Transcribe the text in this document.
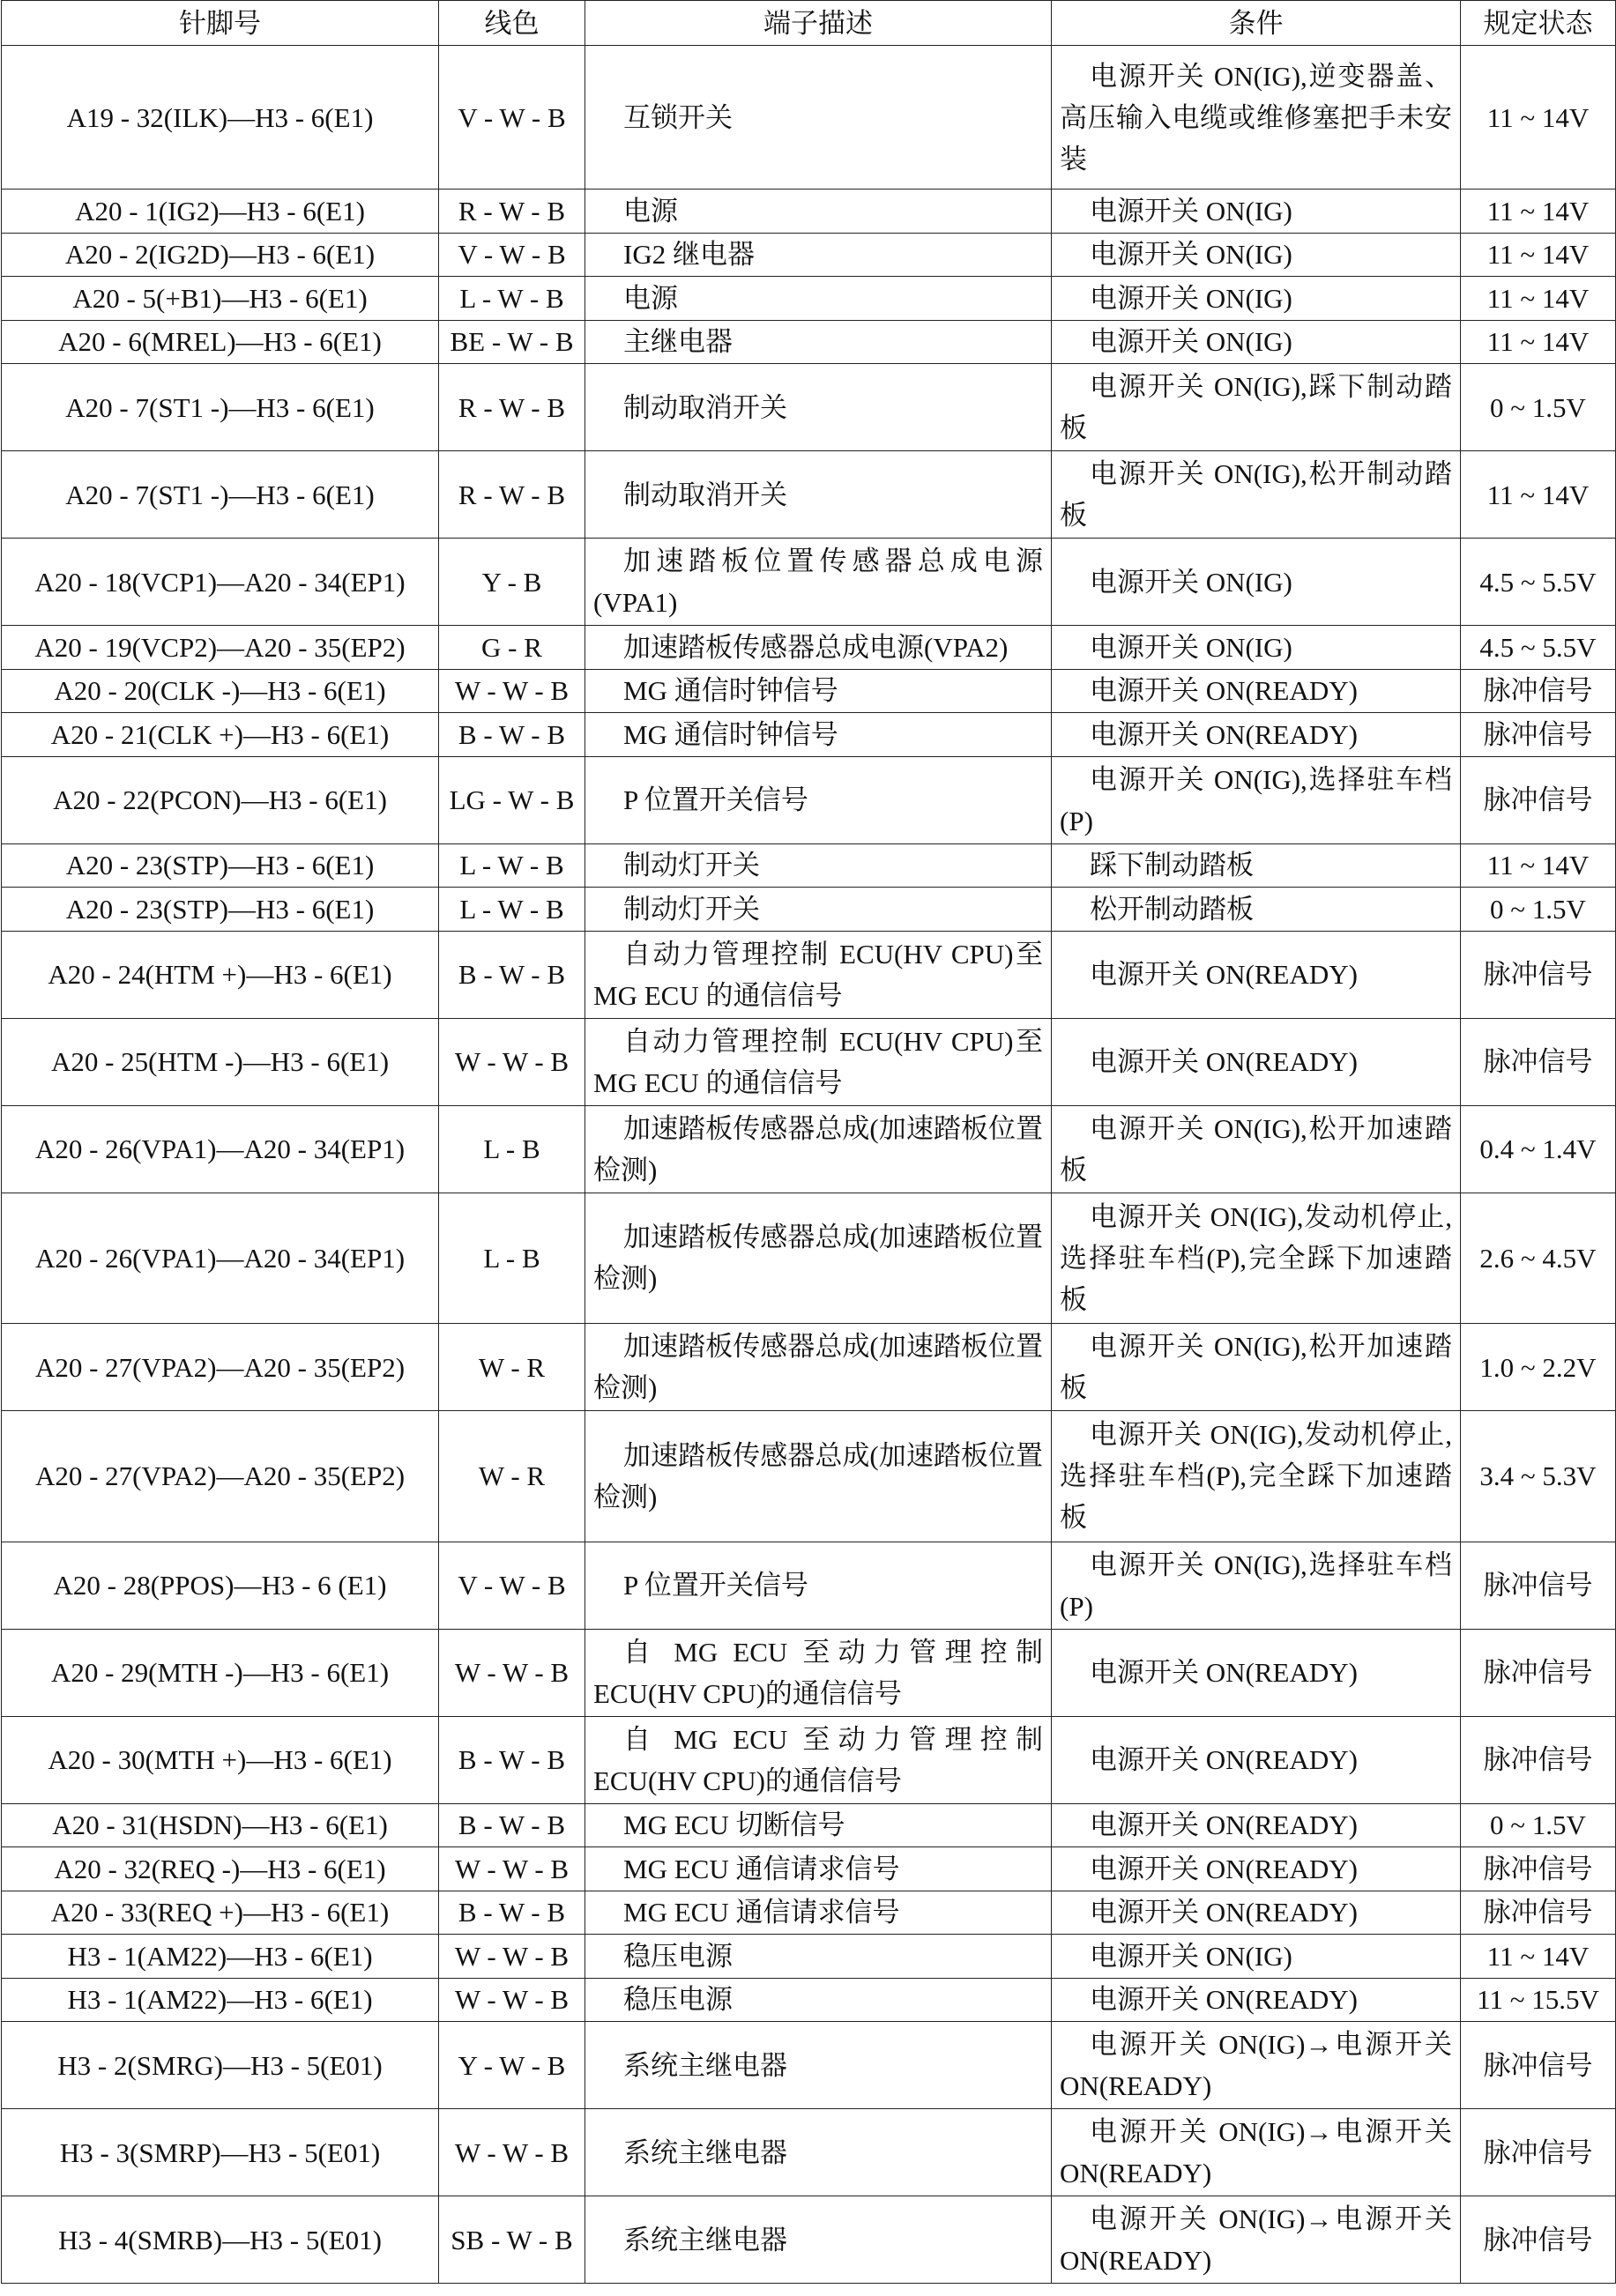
针脚号	线色	端子描述	条件	规定状态
A19 - 32(ILK)—H3 - 6(E1)	V - W - B	互锁开关	电源开关 ON(IG),逆变器盖、高压输入电缆或维修塞把手未安装	11 ~ 14V
A20 - 1(IG2)—H3 - 6(E1)	R - W - B	电源	电源开关 ON(IG)	11 ~ 14V
A20 - 2(IG2D)—H3 - 6(E1)	V - W - B	IG2 继电器	电源开关 ON(IG)	11 ~ 14V
A20 - 5(+B1)—H3 - 6(E1)	L - W - B	电源	电源开关 ON(IG)	11 ~ 14V
A20 - 6(MREL)—H3 - 6(E1)	BE - W - B	主继电器	电源开关 ON(IG)	11 ~ 14V
A20 - 7(ST1 -)—H3 - 6(E1)	R - W - B	制动取消开关	电源开关 ON(IG),踩下制动踏板	0 ~ 1.5V
A20 - 7(ST1 -)—H3 - 6(E1)	R - W - B	制动取消开关	电源开关 ON(IG),松开制动踏板	11 ~ 14V
A20 - 18(VCP1)—A20 - 34(EP1)	Y - B	加速踏板位置传感器总成电源(VPA1)	电源开关 ON(IG)	4.5 ~ 5.5V
A20 - 19(VCP2)—A20 - 35(EP2)	G - R	加速踏板传感器总成电源(VPA2)	电源开关 ON(IG)	4.5 ~ 5.5V
A20 - 20(CLK -)—H3 - 6(E1)	W - W - B	MG 通信时钟信号	电源开关 ON(READY)	脉冲信号
A20 - 21(CLK +)—H3 - 6(E1)	B - W - B	MG 通信时钟信号	电源开关 ON(READY)	脉冲信号
A20 - 22(PCON)—H3 - 6(E1)	LG - W - B	P 位置开关信号	电源开关 ON(IG),选择驻车档(P)	脉冲信号
A20 - 23(STP)—H3 - 6(E1)	L - W - B	制动灯开关	踩下制动踏板	11 ~ 14V
A20 - 23(STP)—H3 - 6(E1)	L - W - B	制动灯开关	松开制动踏板	0 ~ 1.5V
A20 - 24(HTM +)—H3 - 6(E1)	B - W - B	自动力管理控制 ECU(HV CPU)至 MG ECU 的通信信号	电源开关 ON(READY)	脉冲信号
A20 - 25(HTM -)—H3 - 6(E1)	W - W - B	自动力管理控制 ECU(HV CPU)至 MG ECU 的通信信号	电源开关 ON(READY)	脉冲信号
A20 - 26(VPA1)—A20 - 34(EP1)	L - B	加速踏板传感器总成(加速踏板位置检测)	电源开关 ON(IG),松开加速踏板	0.4 ~ 1.4V
A20 - 26(VPA1)—A20 - 34(EP1)	L - B	加速踏板传感器总成(加速踏板位置检测)	电源开关 ON(IG),发动机停止,选择驻车档(P),完全踩下加速踏板	2.6 ~ 4.5V
A20 - 27(VPA2)—A20 - 35(EP2)	W - R	加速踏板传感器总成(加速踏板位置检测)	电源开关 ON(IG),松开加速踏板	1.0 ~ 2.2V
A20 - 27(VPA2)—A20 - 35(EP2)	W - R	加速踏板传感器总成(加速踏板位置检测)	电源开关 ON(IG),发动机停止,选择驻车档(P),完全踩下加速踏板	3.4 ~ 5.3V
A20 - 28(PPOS)—H3 - 6 (E1)	V - W - B	P 位置开关信号	电源开关 ON(IG),选择驻车档(P)	脉冲信号
A20 - 29(MTH -)—H3 - 6(E1)	W - W - B	自 MG ECU 至动力管理控制 ECU(HV CPU)的通信信号	电源开关 ON(READY)	脉冲信号
A20 - 30(MTH +)—H3 - 6(E1)	B - W - B	自 MG ECU 至动力管理控制 ECU(HV CPU)的通信信号	电源开关 ON(READY)	脉冲信号
A20 - 31(HSDN)—H3 - 6(E1)	B - W - B	MG ECU 切断信号	电源开关 ON(READY)	0 ~ 1.5V
A20 - 32(REQ -)—H3 - 6(E1)	W - W - B	MG ECU 通信请求信号	电源开关 ON(READY)	脉冲信号
A20 - 33(REQ +)—H3 - 6(E1)	B - W - B	MG ECU 通信请求信号	电源开关 ON(READY)	脉冲信号
H3 - 1(AM22)—H3 - 6(E1)	W - W - B	稳压电源	电源开关 ON(IG)	11 ~ 14V
H3 - 1(AM22)—H3 - 6(E1)	W - W - B	稳压电源	电源开关 ON(READY)	11 ~ 15.5V
H3 - 2(SMRG)—H3 - 5(E01)	Y - W - B	系统主继电器	电源开关 ON(IG)→电源开关 ON(READY)	脉冲信号
H3 - 3(SMRP)—H3 - 5(E01)	W - W - B	系统主继电器	电源开关 ON(IG)→电源开关 ON(READY)	脉冲信号
H3 - 4(SMRB)—H3 - 5(E01)	SB - W - B	系统主继电器	电源开关 ON(IG)→电源开关 ON(READY)	脉冲信号
